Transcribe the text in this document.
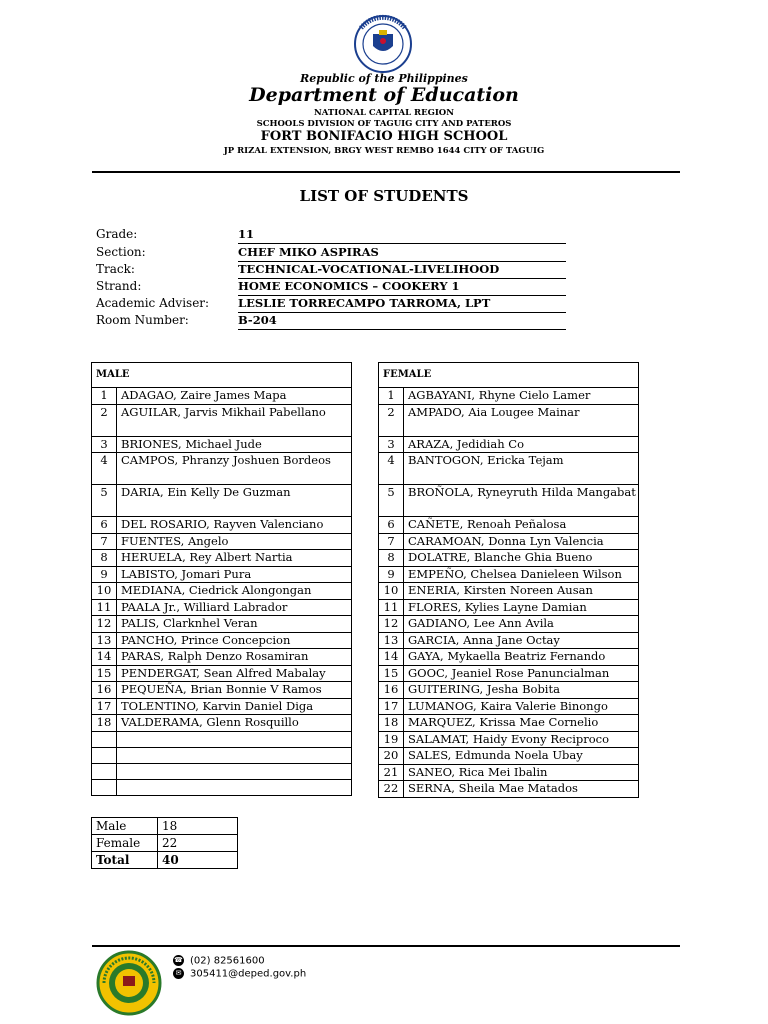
Republic of the Philippines
Department of Education
NATIONAL CAPITAL REGION
SCHOOLS DIVISION OF TAGUIG CITY AND PATEROS
FORT BONIFACIO HIGH SCHOOL
JP RIZAL EXTENSION, BRGY WEST REMBO 1644 CITY OF TAGUIG
LIST OF STUDENTS
Grade:	11
Section:	CHEF MIKO ASPIRAS
Track:	TECHNICAL-VOCATIONAL-LIVELIHOOD
Strand:	HOME ECONOMICS – COOKERY 1
Academic Adviser:	LESLIE TORRECAMPO TARROMA, LPT
Room Number:	B-204
MALE	
1	ADAGAO, Zaire James Mapa
2	AGUILAR, Jarvis Mikhail Pabellano
3	BRIONES, Michael Jude
4	CAMPOS, Phranzy Joshuen Bordeos
5	DARIA, Ein Kelly De Guzman
6	DEL ROSARIO, Rayven Valenciano
7	FUENTES, Angelo
8	HERUELA, Rey Albert Nartia
9	LABISTO, Jomari Pura
10	MEDIANA, Ciedrick Alongongan
11	PAALA Jr., Williard Labrador
12	PALIS, Clarknhel Veran
13	PANCHO, Prince Concepcion
14	PARAS, Ralph Denzo Rosamiran
15	PENDERGAT, Sean Alfred Mabalay
16	PEQUEÑA, Brian Bonnie V Ramos
17	TOLENTINO, Karvin Daniel Diga
18	VALDERAMA, Glenn Rosquillo

FEMALE	
1	AGBAYANI, Rhyne Cielo Lamer
2	AMPADO, Aia Lougee Mainar
3	ARAZA, Jedidiah Co
4	BANTOGON, Ericka Tejam
5	BROÑOLA, Ryneyruth Hilda Mangabat
6	CAÑETE, Renoah Peñalosa
7	CARAMOAN, Donna Lyn Valencia
8	DOLATRE, Blanche Ghia Bueno
9	EMPEÑO, Chelsea Danieleen Wilson
10	ENERIA, Kirsten Noreen Ausan
11	FLORES, Kylies Layne Damian
12	GADIANO, Lee Ann Avila
13	GARCIA, Anna Jane Octay
14	GAYA, Mykaella Beatriz Fernando
15	GOOC, Jeaniel Rose Panuncialman
16	GUITERING, Jesha Bobita
17	LUMANOG, Kaira Valerie Binongo
18	MARQUEZ, Krissa Mae Cornelio
19	SALAMAT, Haidy Evony Reciproco
20	SALES, Edmunda Noela Ubay
21	SANEO, Rica Mei Ibalin
22	SERNA, Sheila Mae Matados
Male	18
Female	22
Total	40
☎ (02) 82561600
✉ 305411@deped.gov.ph
